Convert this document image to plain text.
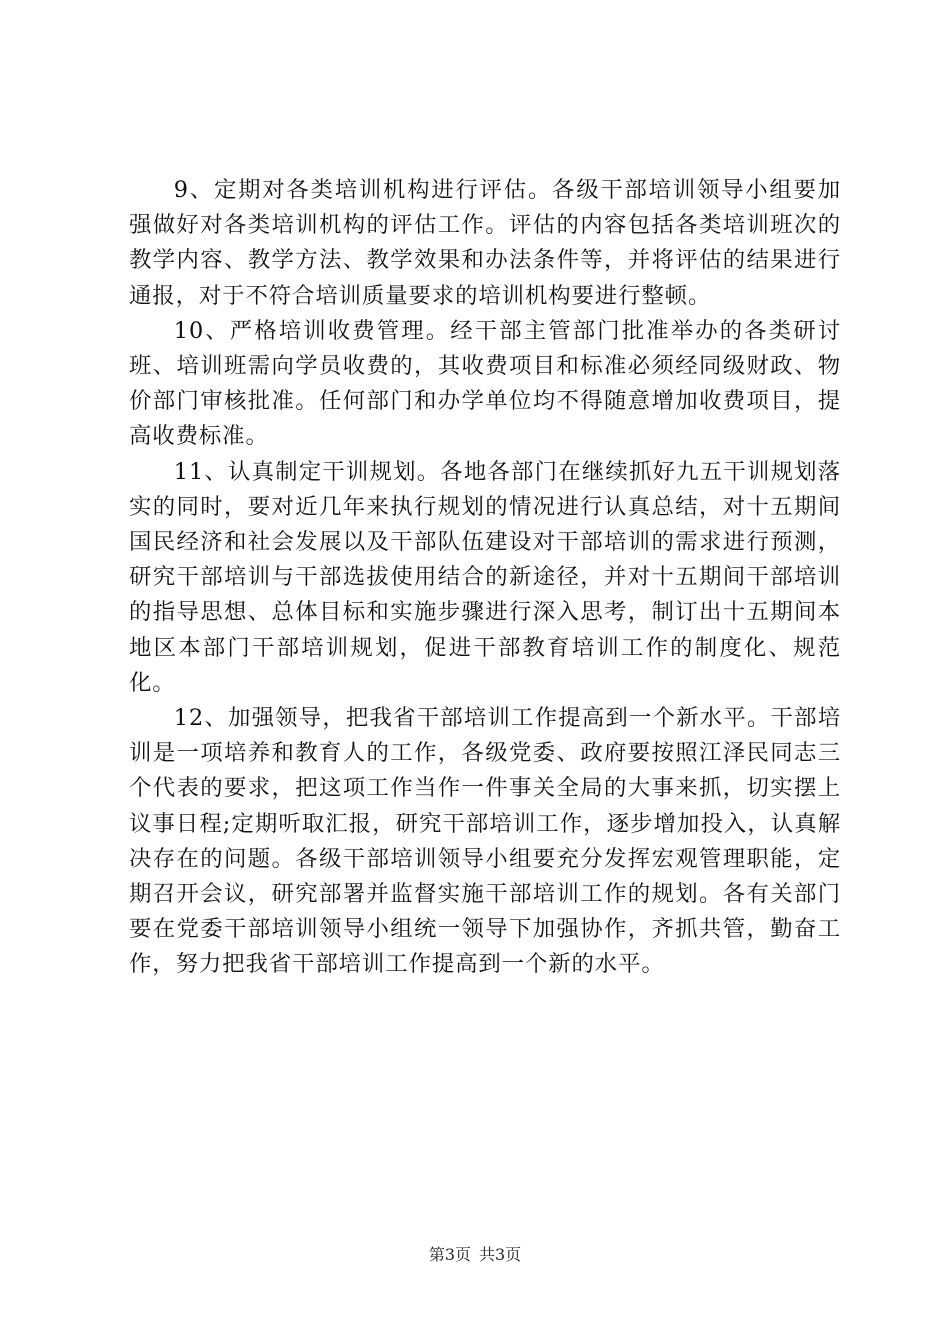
9、定期对各类培训机构进行评估。各级干部培训领导小组要加强做好对各类培训机构的评估工作。评估的内容包括各类培训班次的教学内容、教学方法、教学效果和办法条件等，并将评估的结果进行通报，对于不符合培训质量要求的培训机构要进行整顿。

10、严格培训收费管理。经干部主管部门批准举办的各类研讨班、培训班需向学员收费的，其收费项目和标准必须经同级财政、物价部门审核批准。任何部门和办学单位均不得随意增加收费项目，提高收费标准。

11、认真制定干训规划。各地各部门在继续抓好九五干训规划落实的同时，要对近几年来执行规划的情况进行认真总结，对十五期间国民经济和社会发展以及干部队伍建设对干部培训的需求进行预测，研究干部培训与干部选拔使用结合的新途径，并对十五期间干部培训的指导思想、总体目标和实施步骤进行深入思考，制订出十五期间本地区本部门干部培训规划，促进干部教育培训工作的制度化、规范化。

12、加强领导，把我省干部培训工作提高到一个新水平。干部培训是一项培养和教育人的工作，各级党委、政府要按照江泽民同志三个代表的要求，把这项工作当作一件事关全局的大事来抓，切实摆上议事日程;定期听取汇报，研究干部培训工作，逐步增加投入，认真解决存在的问题。各级干部培训领导小组要充分发挥宏观管理职能，定期召开会议，研究部署并监督实施干部培训工作的规划。各有关部门要在党委干部培训领导小组统一领导下加强协作，齐抓共管，勤奋工作，努力把我省干部培训工作提高到一个新的水平。

第3页 共3页
